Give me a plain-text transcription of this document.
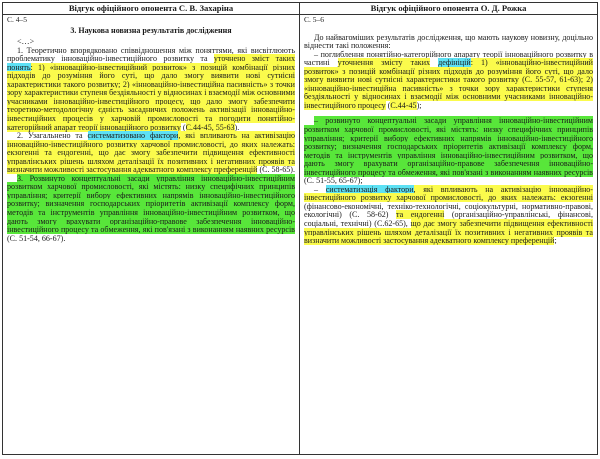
Відгук офіційного опонента С. В. Захаріна
С. 4–5
3. Наукова новизна результатів дослідження
<…>
1. Теоретично впорядковано співвідношення між поняттями, які висвітлюють проблематику інноваційно-інвестиційного розвитку та уточнено зміст таких понять: 1) «інноваційно-інвестиційний розвиток» з позицій комбінації різних підходів до розуміння його суті, що дало змогу виявити нові сутнісні характеристики такого розвитку; 2) «інноваційно-інвестиційна пасивність» з точки зору характеристики ступеня бездіяльності у відносинах і взаємодії між основними учасниками інноваційно-інвестиційного процесу, що дало змогу забезпечити теоретико-методологічну єдність засадничих положень активізації інноваційно-інвестиційних процесів у харчовій промисловості та погодити понятійно-категорійний апарат теорії інноваційного розвитку (С.44-45, 55-63).
2. Узагальнено та систематизовано фактори, які впливають на активізацію інноваційно-інвестиційного розвитку харчової промисловості, до яких належать: екзогенні та ендогенні, що дає змогу забезпечити підвищення ефективності управлінських рішень шляхом деталізації їх позитивних і негативних проявів та визначити можливості застосування адекватного комплексу преференцій (С. 58-65).
3. Розвинуто концептуальні засади управління інноваційно-інвестиційним розвитком харчової промисловості, які містять: низку специфічних принципів управління; критерії вибору ефективних напрямів інноваційно-інвестиційного розвитку; визначення господарських пріоритетів активізації комплексу форм, методів та інструментів управління інноваційно-інвестиційним розвитком, що дають змогу врахувати організаційно-правове забезпечення інноваційно-інвестиційного процесу та обмеження, які пов'язані з виконанням наявних ресурсів (С. 51-54, 66-67).
Відгук офіційного опонента О. Д. Рожка
С. 5–6
До найвагоміших результатів дослідження, що мають наукову новизну, доцільно віднести такі положення:
– поглиблення понятійно-категорійного апарату теорії інноваційного розвитку в частині уточнення змісту таких дефініцій: 1) «інноваційно-інвестиційний розвиток» з позицій комбінації різних підходів до розуміння його суті, що дало змогу виявити нові сутнісні характеристики такого розвитку (С. 55-57, 61-63); 2) «інноваційно-інвестиційна пасивність» з точки зору характеристики ступеня бездіяльності у відносинах і взаємодії між основними учасниками інноваційно-інвестиційного процесу (С.44-45);
– розвинуто концептуальні засади управління інноваційно-інвестиційним розвитком харчової промисловості, які містять: низку специфічних принципів управління; критерії вибору ефективних напрямів інноваційно-інвестиційного розвитку; визначення господарських пріоритетів активізації комплексу форм, методів та інструментів управління інноваційно-інвестиційним розвитком, що дають змогу врахувати організаційно-правове забезпечення інноваційно-інвестиційного процесу та обмеження, які пов'язані з виконанням наявних ресурсів (С. 51-55, 65-67);
– систематизація фактори, які впливають на активізацію інноваційно-інвестиційного розвитку харчової промисловості, до яких належать: екзогенні (фінансово-економічні, техніко-технологічні, соціокультурні, нормативно-правові, екологічні) (С. 58-62) та ендогенні (організаційно-управлінські, фінансові, соціальні, технічні) (С.62-65), що дає змогу забезпечити підвищення ефективності управлінських рішень шляхом деталізації їх позитивних і негативних проявів та визначити можливості застосування адекватного комплексу преференцій;
